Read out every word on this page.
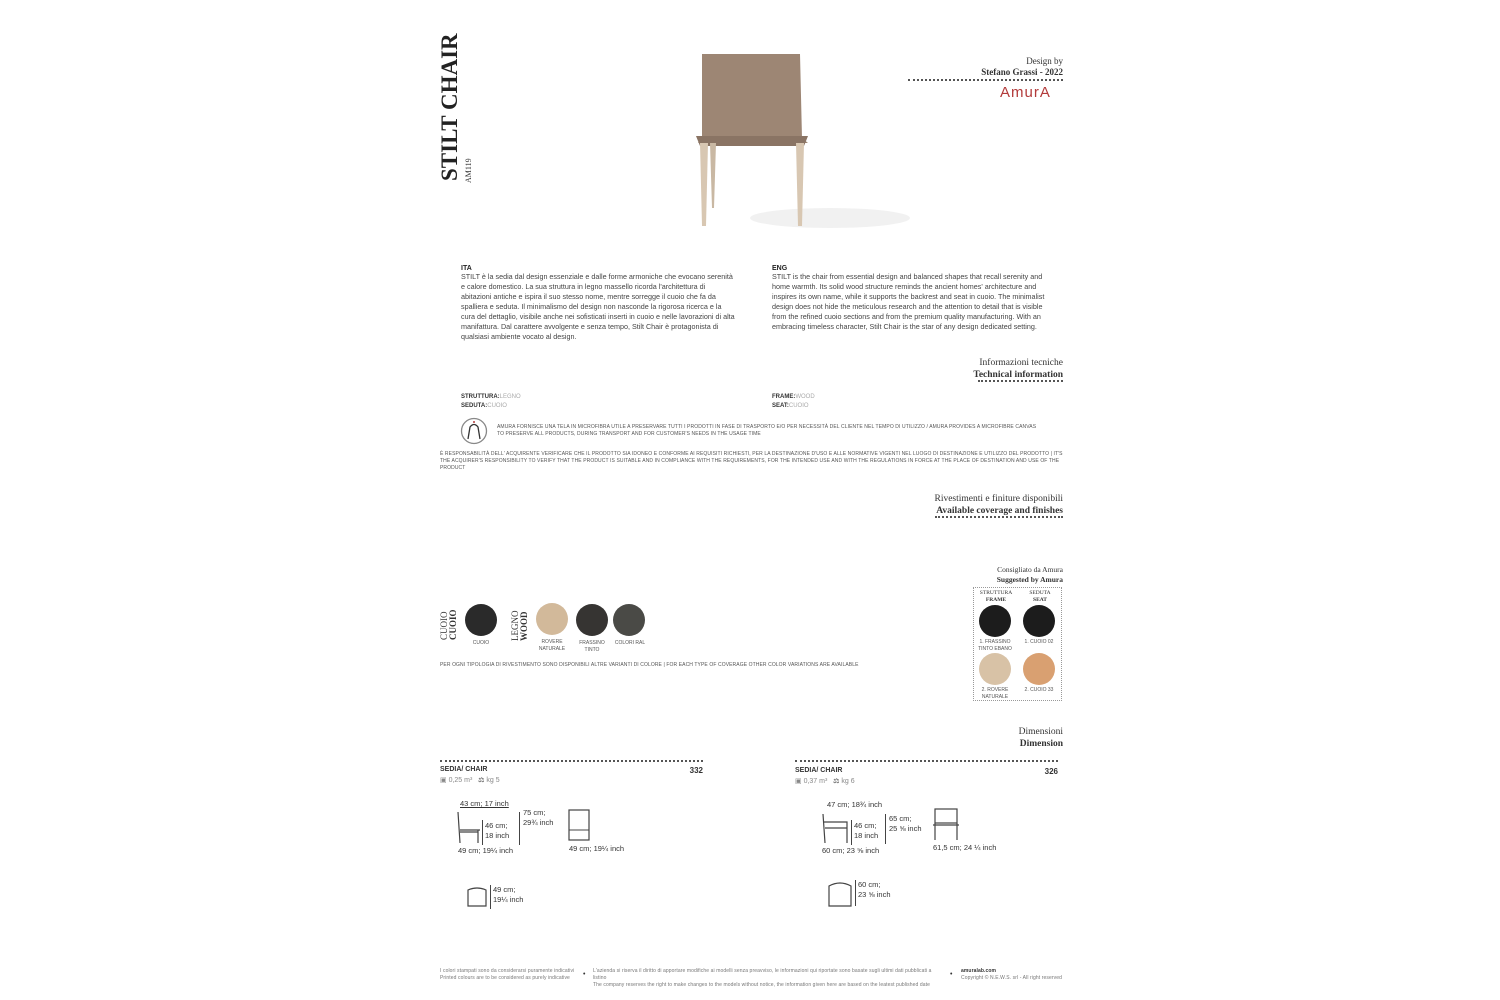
STILT CHAIR AM119
Design by
Stefano Grassi - 2022
AmurA
ITA
STILT è la sedia dal design essenziale e dalle forme armoniche che evocano serenità e calore domestico. La sua struttura in legno massello ricorda l'architettura di abitazioni antiche e ispira il suo stesso nome, mentre sorregge il cuoio che fa da spalliera e seduta. Il minimalismo del design non nasconde la rigorosa ricerca e la cura del dettaglio, visibile anche nei sofisticati inserti in cuoio e nelle lavorazioni di alta manifattura. Dal carattere avvolgente e senza tempo, Stilt Chair è protagonista di qualsiasi ambiente vocato al design.
ENG
STILT is the chair from essential design and balanced shapes that recall serenity and home warmth. Its solid wood structure reminds the ancient homes' architecture and inspires its own name, while it supports the backrest and seat in cuoio. The minimalist design does not hide the meticulous research and the attention to detail that is visible from the refined cuoio sections and from the premium quality manufacturing. With an embracing timeless character, Stilt Chair is the star of any design dedicated setting.
Informazioni tecniche
Technical information
STRUTTURA:LEGNO
SEDUTA:CUOIO
FRAME:WOOD
SEAT:CUOIO
AMURA FORNISCE UNA TELA IN MICROFIBRA UTILE A PRESERVARE TUTTI I PRODOTTI IN FASE DI TRASPORTO E/O PER NECESSITÀ DEL CLIENTE NEL TEMPO DI UTILIZZO / AMURA PROVIDES A MICROFIBRE CANVAS TO PRESERVE ALL PRODUCTS, DURING TRANSPORT AND FOR CUSTOMER'S NEEDS IN THE USAGE TIME
È RESPONSABILITÀ DELL' ACQUIRENTE VERIFICARE CHE IL PRODOTTO SIA IDONEO E CONFORME AI REQUISITI RICHIESTI, PER LA DESTINAZIONE D'USO E ALLE NORMATIVE VIGENTI NEL LUOGO DI DESTINAZIONE E UTILIZZO DEL PRODOTTO | IT'S THE ACQUIRER'S RESPONSIBILITY TO VERIFY THAT THE PRODUCT IS SUITABLE AND IN COMPLIANCE WITH THE REQUIREMENTS, FOR THE INTENDED USE AND WITH THE REGULATIONS IN FORCE AT THE PLACE OF DESTINATION AND USE OF THE PRODUCT
Rivestimenti e finiture disponibili
Available coverage and finishes
CUOIO CUOIO
CUOIO
LEGNO WOOD
ROVERE NATURALE
FRASSINO TINTO
COLORI RAL
PER OGNI TIPOLOGIA DI RIVESTIMENTO SONO DISPONIBILI ALTRE VARIANTI DI COLORE | FOR EACH TYPE OF COVERAGE OTHER COLOR VARIATIONS ARE AVAILABLE
Consigliato da Amura
Suggested by Amura
STRUTTURA
FRAME
SEDUTA
SEAT
1. FRASSINO TINTO EBANO
1. CUOIO 02
2. ROVERE NATURALE
2. CUOIO 33
Dimensioni
Dimension
SEDIA/ CHAIR	332
▣ 0,25 m³ ⚖ kg 5
43 cm; 17 inch
46 cm;
18 inch
75 cm;
29¾ inch
49 cm; 19¼ inch	49 cm; 19¼ inch
49 cm;
19¼ inch
SEDIA/ CHAIR	326
▣ 0,37 m³ ⚖ kg 6
47 cm; 18¾ inch
46 cm;
18 inch
65 cm;
25 ⅝ inch
60 cm; 23 ⅝ inch	61,5 cm; 24 ¼ inch
60 cm;
23 ⅝ inch
I colori stampati sono da considerarsi puramente indicativi
Printed colours are to be considered as purely indicative	• L'azienda si riserva il diritto di apportare modifiche ai modelli senza preavviso, le informazioni qui riportate sono basate sugli ultimi dati pubblicati a listino
The company reserves the right to make changes to the models without notice, the information given here are based on the leatest published date
• amuralab.com
Copyright © N.E.W.S. srl - All right reserved
